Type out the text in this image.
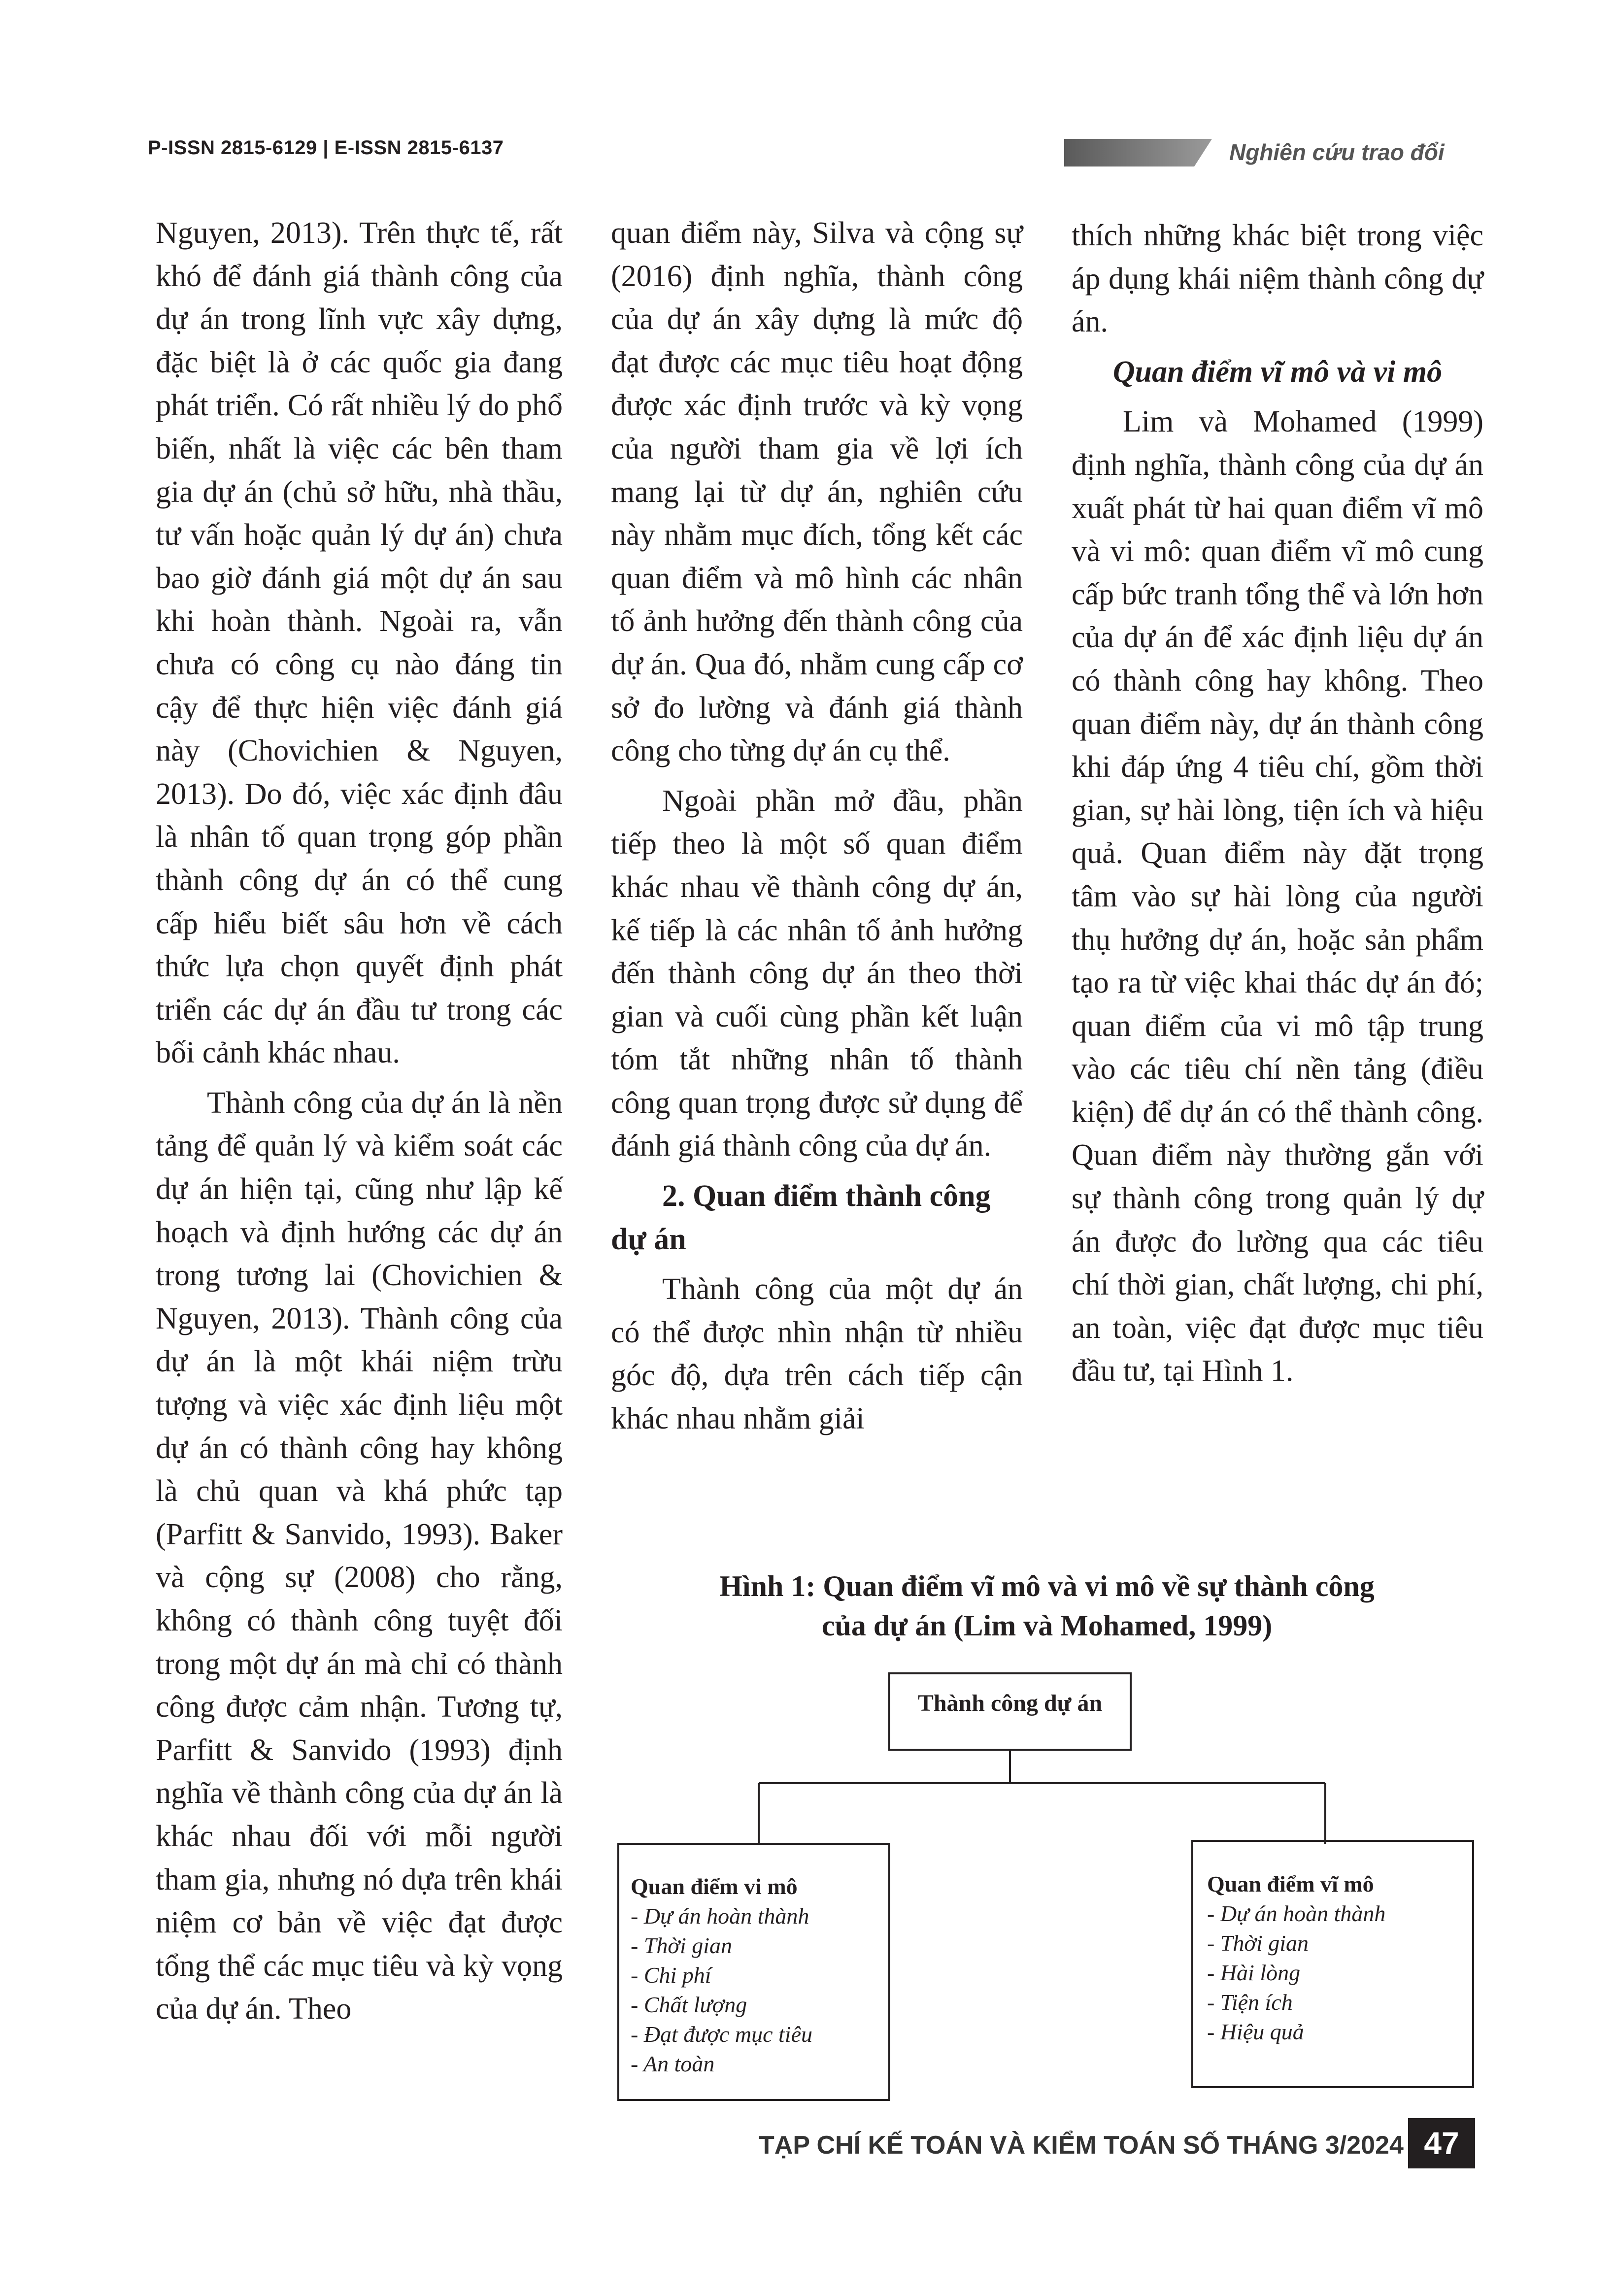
P-ISSN 2815-6129 | E-ISSN 2815-6137	Nghiên cứu trao đổi

Nguyen, 2013). Trên thực tế, rất khó để đánh giá thành công của dự án trong lĩnh vực xây dựng, đặc biệt là ở các quốc gia đang phát triển. Có rất nhiều lý do phổ biến, nhất là việc các bên tham gia dự án (chủ sở hữu, nhà thầu, tư vấn hoặc quản lý dự án) chưa bao giờ đánh giá một dự án sau khi hoàn thành. Ngoài ra, vẫn chưa có công cụ nào đáng tin cậy để thực hiện việc đánh giá này (Chovichien & Nguyen, 2013). Do đó, việc xác định đâu là nhân tố quan trọng góp phần thành công dự án có thể cung cấp hiểu biết sâu hơn về cách thức lựa chọn quyết định phát triển các dự án đầu tư trong các bối cảnh khác nhau.

Thành công của dự án là nền tảng để quản lý và kiểm soát các dự án hiện tại, cũng như lập kế hoạch và định hướng các dự án trong tương lai (Chovichien & Nguyen, 2013). Thành công của dự án là một khái niệm trừu tượng và việc xác định liệu một dự án có thành công hay không là chủ quan và khá phức tạp (Parfitt & Sanvido, 1993). Baker và cộng sự (2008) cho rằng, không có thành công tuyệt đối trong một dự án mà chỉ có thành công được cảm nhận. Tương tự, Parfitt & Sanvido (1993) định nghĩa về thành công của dự án là khác nhau đối với mỗi người tham gia, nhưng nó dựa trên khái niệm cơ bản về việc đạt được tổng thể các mục tiêu và kỳ vọng của dự án. Theo

quan điểm này, Silva và cộng sự (2016) định nghĩa, thành công của dự án xây dựng là mức độ đạt được các mục tiêu hoạt động được xác định trước và kỳ vọng của người tham gia về lợi ích mang lại từ dự án, nghiên cứu này nhằm mục đích, tổng kết các quan điểm và mô hình các nhân tố ảnh hưởng đến thành công của dự án. Qua đó, nhằm cung cấp cơ sở đo lường và đánh giá thành công cho từng dự án cụ thể.

Ngoài phần mở đầu, phần tiếp theo là một số quan điểm khác nhau về thành công dự án, kế tiếp là các nhân tố ảnh hưởng đến thành công dự án theo thời gian và cuối cùng phần kết luận tóm tắt những nhân tố thành công quan trọng được sử dụng để đánh giá thành công của dự án.

2. Quan điểm thành công dự án

Thành công của một dự án có thể được nhìn nhận từ nhiều góc độ, dựa trên cách tiếp cận khác nhau nhằm giải

thích những khác biệt trong việc áp dụng khái niệm thành công dự án.

Quan điểm vĩ mô và vi mô

Lim và Mohamed (1999) định nghĩa, thành công của dự án xuất phát từ hai quan điểm vĩ mô và vi mô: quan điểm vĩ mô cung cấp bức tranh tổng thể và lớn hơn của dự án để xác định liệu dự án có thành công hay không. Theo quan điểm này, dự án thành công khi đáp ứng 4 tiêu chí, gồm thời gian, sự hài lòng, tiện ích và hiệu quả. Quan điểm này đặt trọng tâm vào sự hài lòng của người thụ hưởng dự án, hoặc sản phẩm tạo ra từ việc khai thác dự án đó; quan điểm của vi mô tập trung vào các tiêu chí nền tảng (điều kiện) để dự án có thể thành công. Quan điểm này thường gắn với sự thành công trong quản lý dự án được đo lường qua các tiêu chí thời gian, chất lượng, chi phí, an toàn, việc đạt được mục tiêu đầu tư, tại Hình 1.

Hình 1: Quan điểm vĩ mô và vi mô về sự thành công
của dự án (Lim và Mohamed, 1999)
Thành công dự án
Quan điểm vi mô
- Dự án hoàn thành
- Thời gian
- Chi phí
- Chất lượng
- Đạt được mục tiêu
- An toàn
Quan điểm vĩ mô
- Dự án hoàn thành
- Thời gian
- Hài lòng
- Tiện ích
- Hiệu quả
TẠP CHÍ KẾ TOÁN VÀ KIỂM TOÁN SỐ THÁNG 3/2024 47
